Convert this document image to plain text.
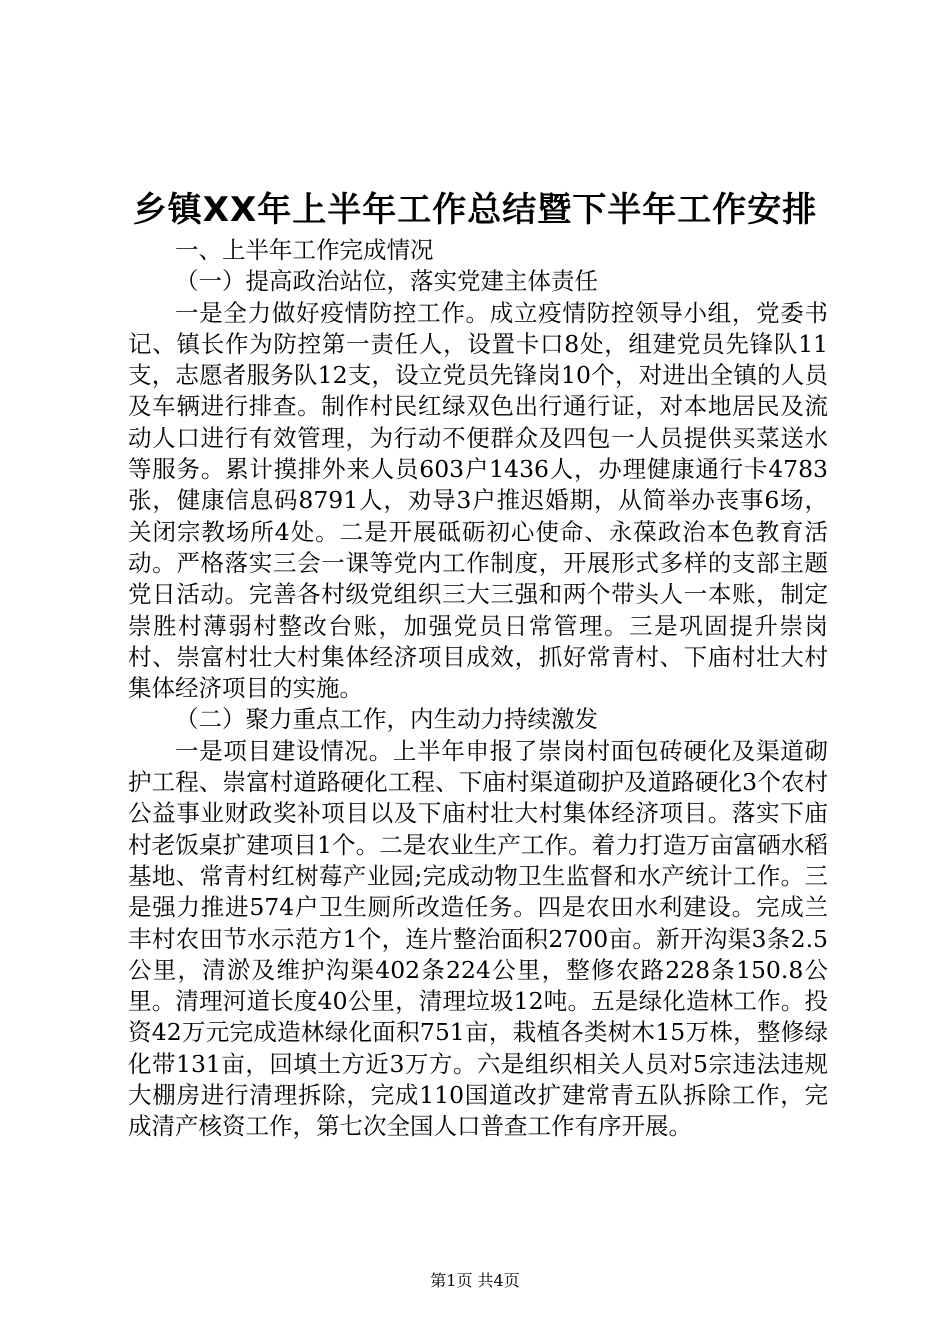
乡镇XX年上半年工作总结暨下半年工作安排

一、上半年工作完成情况

（一）提高政治站位，落实党建主体责任

一是全力做好疫情防控工作。成立疫情防控领导小组，党委书记、镇长作为防控第一责任人，设置卡口8处，组建党员先锋队11支，志愿者服务队12支，设立党员先锋岗10个，对进出全镇的人员及车辆进行排查。制作村民红绿双色出行通行证，对本地居民及流动人口进行有效管理，为行动不便群众及四包一人员提供买菜送水等服务。累计摸排外来人员603户1436人，办理健康通行卡4783张，健康信息码8791人，劝导3户推迟婚期，从简举办丧事6场，关闭宗教场所4处。二是开展砥砺初心使命、永葆政治本色教育活动。严格落实三会一课等党内工作制度，开展形式多样的支部主题党日活动。完善各村级党组织三大三强和两个带头人一本账，制定崇胜村薄弱村整改台账，加强党员日常管理。三是巩固提升崇岗村、崇富村壮大村集体经济项目成效，抓好常青村、下庙村壮大村集体经济项目的实施。

（二）聚力重点工作，内生动力持续激发

一是项目建设情况。上半年申报了崇岗村面包砖硬化及渠道砌护工程、崇富村道路硬化工程、下庙村渠道砌护及道路硬化3个农村公益事业财政奖补项目以及下庙村壮大村集体经济项目。落实下庙村老饭桌扩建项目1个。二是农业生产工作。着力打造万亩富硒水稻基地、常青村红树莓产业园;完成动物卫生监督和水产统计工作。三是强力推进574户卫生厕所改造任务。四是农田水利建设。完成兰丰村农田节水示范方1个，连片整治面积2700亩。新开沟渠3条2.5公里，清淤及维护沟渠402条224公里，整修农路228条150.8公里。清理河道长度40公里，清理垃圾12吨。五是绿化造林工作。投资42万元完成造林绿化面积751亩，栽植各类树木15万株，整修绿化带131亩，回填土方近3万方。六是组织相关人员对5宗违法违规大棚房进行清理拆除，完成110国道改扩建常青五队拆除工作，完成清产核资工作，第七次全国人口普查工作有序开展。

第1页 共4页
